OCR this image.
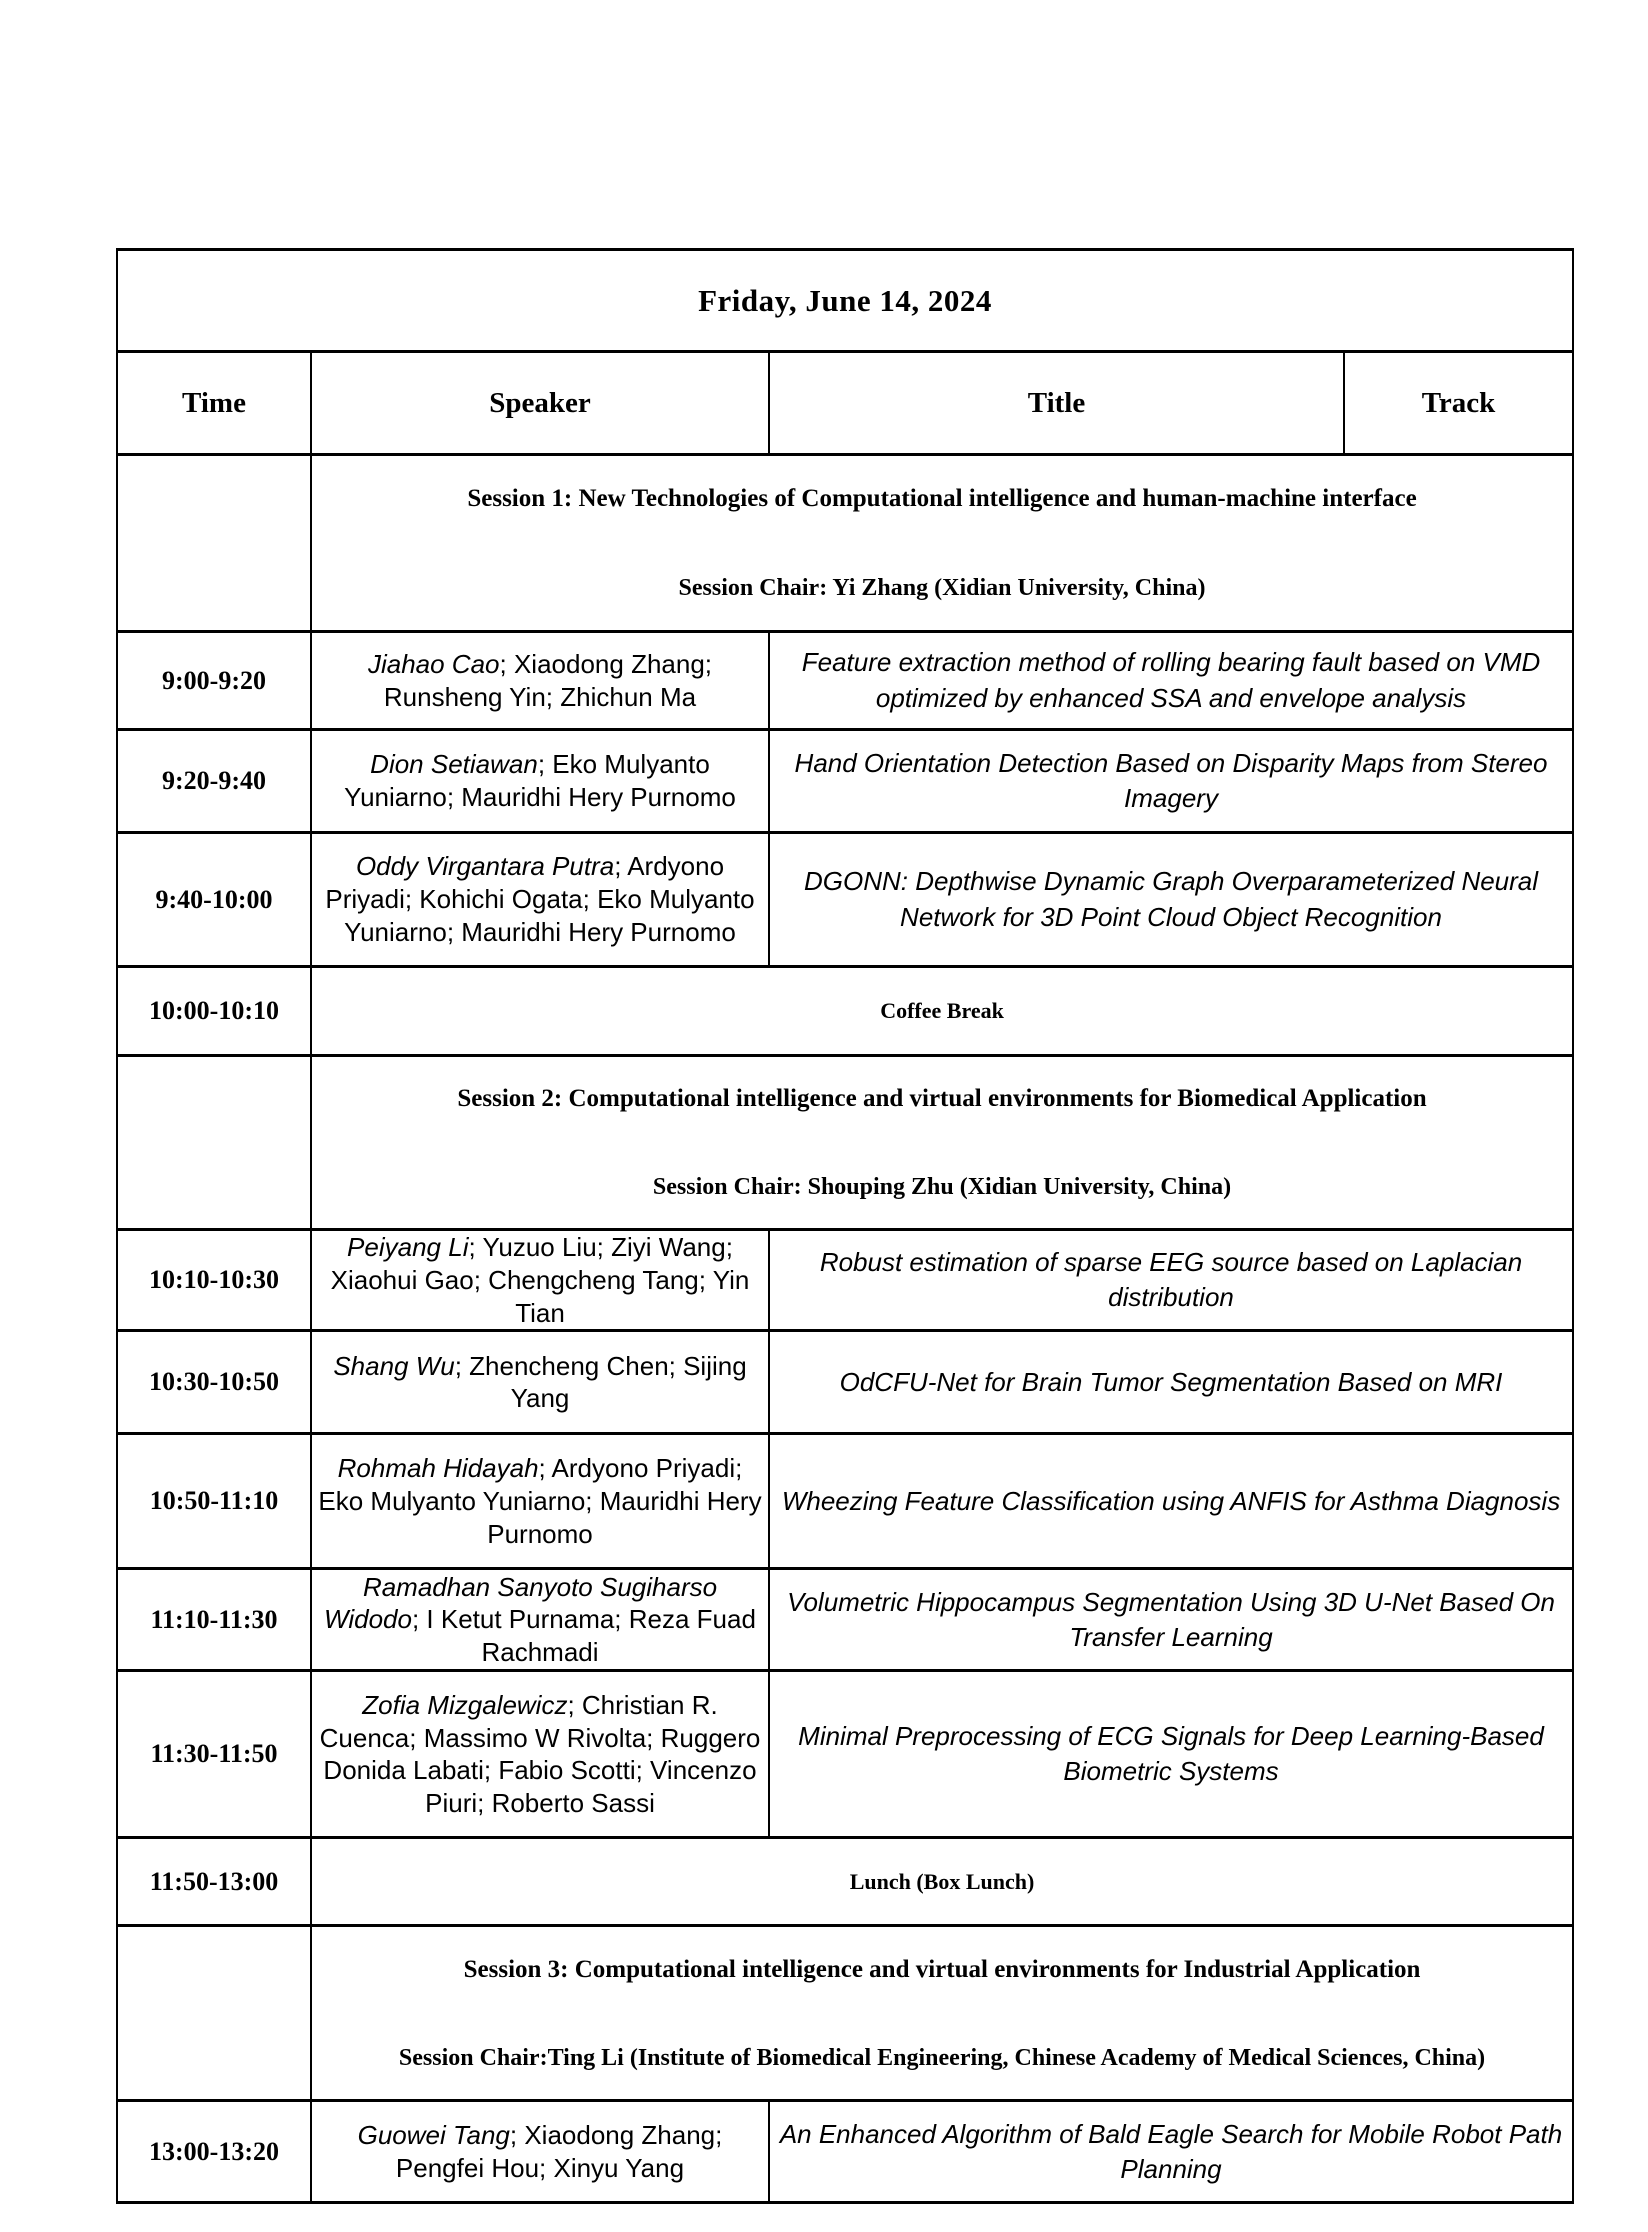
Friday, June 14, 2024			
Time	Speaker	Title	Track

	Session 1: New Technologies of Computational intelligence and human-machine interface
Session Chair: Yi Zhang (Xidian University, China)		

9:00-9:20	Jiahao Cao; Xiaodong Zhang; Runsheng Yin; Zhichun Ma	Feature extraction method of rolling bearing fault based on VMD optimized by enhanced SSA and envelope analysis	
9:20-9:40	Dion Setiawan; Eko Mulyanto Yuniarno; Mauridhi Hery Purnomo	Hand Orientation Detection Based on Disparity Maps from Stereo Imagery	
9:40-10:00	Oddy Virgantara Putra; Ardyono Priyadi; Kohichi Ogata; Eko Mulyanto Yuniarno; Mauridhi Hery Purnomo	DGONN: Depthwise Dynamic Graph Overparameterized Neural Network for 3D Point Cloud Object Recognition	
10:00-10:10	Coffee Break		

	Session 2: Computational intelligence and virtual environments for Biomedical Application
Session Chair: Shouping Zhu (Xidian University, China)		

10:10-10:30	Peiyang Li; Yuzuo Liu; Ziyi Wang; Xiaohui Gao; Chengcheng Tang; Yin Tian	Robust estimation of sparse EEG source based on Laplacian distribution	
10:30-10:50	Shang Wu; Zhencheng Chen; Sijing Yang	OdCFU-Net for Brain Tumor Segmentation Based on MRI	
10:50-11:10	Rohmah Hidayah; Ardyono Priyadi; Eko Mulyanto Yuniarno; Mauridhi Hery Purnomo	Wheezing Feature Classification using ANFIS for Asthma Diagnosis	
11:10-11:30	Ramadhan Sanyoto Sugiharso Widodo; I Ketut Purnama; Reza Fuad Rachmadi	Volumetric Hippocampus Segmentation Using 3D U-Net Based On Transfer Learning	
11:30-11:50	Zofia Mizgalewicz; Christian R. Cuenca; Massimo W Rivolta; Ruggero Donida Labati; Fabio Scotti; Vincenzo Piuri; Roberto Sassi	Minimal Preprocessing of ECG Signals for Deep Learning-Based Biometric Systems	
11:50-13:00	Lunch (Box Lunch)		

	Session 3: Computational intelligence and virtual environments for Industrial Application
Session Chair:Ting Li (Institute of Biomedical Engineering, Chinese Academy of Medical Sciences, China)		

13:00-13:20	Guowei Tang; Xiaodong Zhang; Pengfei Hou; Xinyu Yang	An Enhanced Algorithm of Bald Eagle Search for Mobile Robot Path Planning	
